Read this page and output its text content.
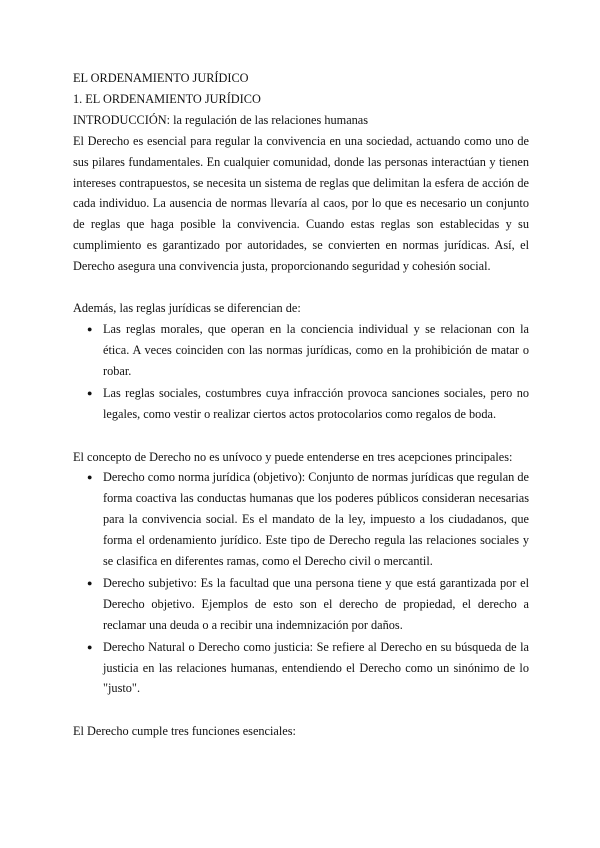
EL ORDENAMIENTO JURÍDICO

1. EL ORDENAMIENTO JURÍDICO

INTRODUCCIÓN: la regulación de las relaciones humanas

El Derecho es esencial para regular la convivencia en una sociedad, actuando como uno de sus pilares fundamentales. En cualquier comunidad, donde las personas interactúan y tienen intereses contrapuestos, se necesita un sistema de reglas que delimitan la esfera de acción de cada individuo. La ausencia de normas llevaría al caos, por lo que es necesario un conjunto de reglas que haga posible la convivencia. Cuando estas reglas son establecidas y su cumplimiento es garantizado por autoridades, se convierten en normas jurídicas. Así, el Derecho asegura una convivencia justa, proporcionando seguridad y cohesión social.

Además, las reglas jurídicas se diferencian de:

● Las reglas morales, que operan en la conciencia individual y se relacionan con la ética. A veces coinciden con las normas jurídicas, como en la prohibición de matar o robar.
● Las reglas sociales, costumbres cuya infracción provoca sanciones sociales, pero no legales, como vestir o realizar ciertos actos protocolarios como regalos de boda.

El concepto de Derecho no es unívoco y puede entenderse en tres acepciones principales:

● Derecho como norma jurídica (objetivo): Conjunto de normas jurídicas que regulan de forma coactiva las conductas humanas que los poderes públicos consideran necesarias para la convivencia social. Es el mandato de la ley, impuesto a los ciudadanos, que forma el ordenamiento jurídico. Este tipo de Derecho regula las relaciones sociales y se clasifica en diferentes ramas, como el Derecho civil o mercantil.
● Derecho subjetivo: Es la facultad que una persona tiene y que está garantizada por el Derecho objetivo. Ejemplos de esto son el derecho de propiedad, el derecho a reclamar una deuda o a recibir una indemnización por daños.
● Derecho Natural o Derecho como justicia: Se refiere al Derecho en su búsqueda de la justicia en las relaciones humanas, entendiendo el Derecho como un sinónimo de lo "justo".

El Derecho cumple tres funciones esenciales:
